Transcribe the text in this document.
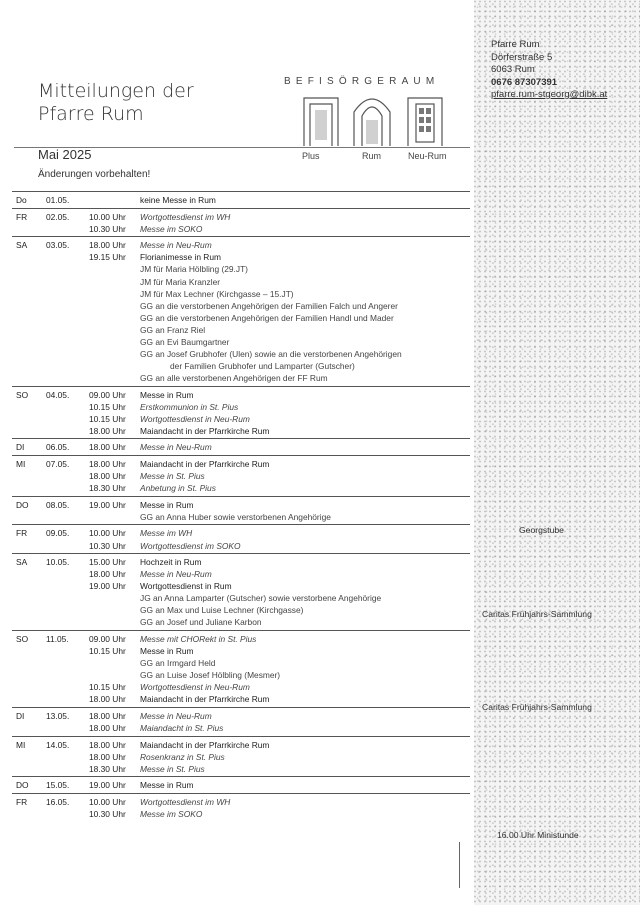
Pfarre Rum
Dörferstraße 5
6063 Rum
0676 87307391
pfarre.rum-stgeorg@dibk.at
Mitteilungen der
Pfarre Rum
BEFISÖRGERAUM
Plus	Rum	Neu-Rum
Mai 2025
Änderungen vorbehalten!
Do 01.05.	keine Messe in Rum
FR 02.05. 10.00 Uhr Wortgottesdienst im WH
10.30 Uhr Messe im SOKO
SA 03.05. 18.00 Uhr Messe in Neu-Rum
19.15 Uhr Florianimesse in Rum
JM für Maria Hölbling (29.JT)
JM für Maria Kranzler
JM für Max Lechner (Kirchgasse – 15.JT)
GG an die verstorbenen Angehörigen der Familien Falch und Angerer
GG an die verstorbenen Angehörigen der Familien Handl und Mader
GG an Franz Riel
GG an Evi Baumgartner
GG an Josef Grubhofer (Ulen) sowie an die verstorbenen Angehörigen
der Familien Grubhofer und Lamparter (Gutscher)
GG an alle verstorbenen Angehörigen der FF Rum
SO 04.05. 09.00 Uhr Messe in Rum
10.15 Uhr Erstkommunion in St. Pius
10.15 Uhr Wortgottesdienst in Neu-Rum
18.00 Uhr Maiandacht in der Pfarrkirche Rum
DI	06.05. 18.00 Uhr Messe in Neu-Rum
MI 07.05. 18.00 Uhr Maiandacht in der Pfarrkirche Rum
18.00 Uhr Messe in St. Pius
18.30 Uhr Anbetung in St. Pius
DO 08.05. 19.00 Uhr Messe in Rum
GG an Anna Huber sowie verstorbenen Angehörige
FR 09.05. 10.00 Uhr Messe im WH
10.30 Uhr Wortgottesdienst im SOKO
SA 10.05. 15.00 Uhr Hochzeit in Rum
18.00 Uhr Messe in Neu-Rum
19.00 Uhr Wortgottesdienst in Rum
JG an Anna Lamparter (Gutscher) sowie verstorbene Angehörige
GG an Max und Luise Lechner (Kirchgasse)
GG an Josef und Juliane Karbon
SO 11.05. 09.00 Uhr Messe mit CHORekt in St. Pius
10.15 Uhr Messe in Rum
GG an Irmgard Held
GG an Luise Josef Hölbling (Mesmer)
10.15 Uhr Wortgottesdienst in Neu-Rum
18.00 Uhr Maiandacht in der Pfarrkirche Rum
DI	13.05. 18.00 Uhr Messe in Neu-Rum
18.00 Uhr Maiandacht in St. Pius
MI 14.05. 18.00 Uhr Maiandacht in der Pfarrkirche Rum
18.00 Uhr Rosenkranz in St. Pius
18.30 Uhr Messe in St. Pius
DO 15.05. 19.00 Uhr Messe in Rum
FR 16.05. 10.00 Uhr Wortgottesdienst im WH
10.30 Uhr Messe im SOKO
Georgstube
Caritas Frühjahrs-Sammlung
Caritas Frühjahrs-Sammlung
16.00 Uhr Ministunde
